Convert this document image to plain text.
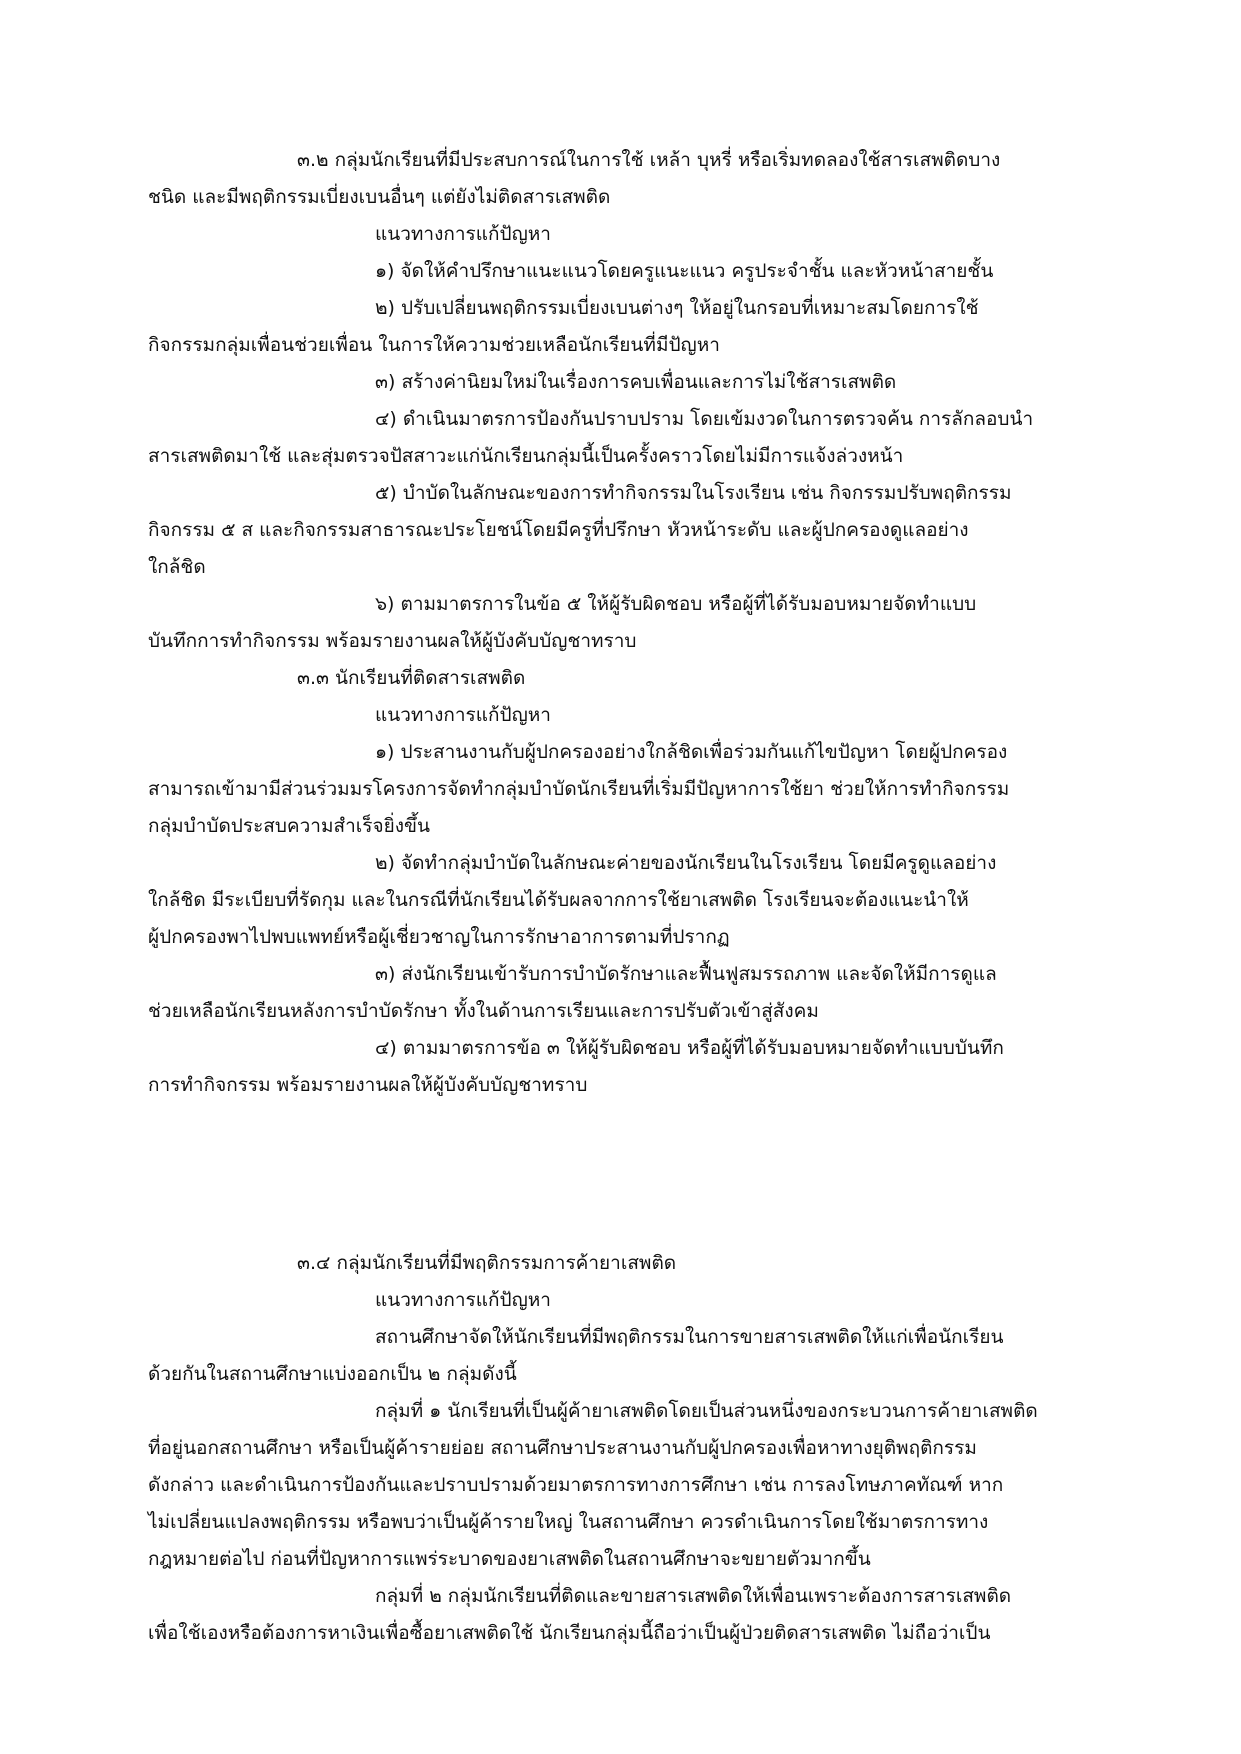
๓.๒ กลุ่มนักเรียนที่มีประสบการณ์ในการใช้ เหล้า บุหรี่ หรือเริ่มทดลองใช้สารเสพติดบาง
ชนิด และมีพฤติกรรมเบี่ยงเบนอื่นๆ แต่ยังไม่ติดสารเสพติด
แนวทางการแก้ปัญหา
๑) จัดให้คำปรึกษาแนะแนวโดยครูแนะแนว ครูประจำชั้น และหัวหน้าสายชั้น
๒) ปรับเปลี่ยนพฤติกรรมเบี่ยงเบนต่างๆ ให้อยู่ในกรอบที่เหมาะสมโดยการใช้
กิจกรรมกลุ่มเพื่อนช่วยเพื่อน ในการให้ความช่วยเหลือนักเรียนที่มีปัญหา
๓) สร้างค่านิยมใหม่ในเรื่องการคบเพื่อนและการไม่ใช้สารเสพติด
๔) ดำเนินมาตรการป้องกันปราบปราม โดยเข้มงวดในการตรวจค้น การลักลอบนำ
สารเสพติดมาใช้ และสุ่มตรวจปัสสาวะแก่นักเรียนกลุ่มนี้เป็นครั้งคราวโดยไม่มีการแจ้งล่วงหน้า
๕) บำบัดในลักษณะของการทำกิจกรรมในโรงเรียน เช่น กิจกรรมปรับพฤติกรรม
กิจกรรม ๕ ส และกิจกรรมสาธารณะประโยชน์โดยมีครูที่ปรึกษา หัวหน้าระดับ และผู้ปกครองดูแลอย่าง
ใกล้ชิด
๖) ตามมาตรการในข้อ ๕ ให้ผู้รับผิดชอบ หรือผู้ที่ได้รับมอบหมายจัดทำแบบ
บันทึกการทำกิจกรรม พร้อมรายงานผลให้ผู้บังคับบัญชาทราบ
๓.๓ นักเรียนที่ติดสารเสพติด
แนวทางการแก้ปัญหา
๑) ประสานงานกับผู้ปกครองอย่างใกล้ชิดเพื่อร่วมกันแก้ไขปัญหา โดยผู้ปกครอง
สามารถเข้ามามีส่วนร่วมมรโครงการจัดทำกลุ่มบำบัดนักเรียนที่เริ่มมีปัญหาการใช้ยา ช่วยให้การทำกิจกรรม
กลุ่มบำบัดประสบความสำเร็จยิ่งขึ้น
๒) จัดทำกลุ่มบำบัดในลักษณะค่ายของนักเรียนในโรงเรียน โดยมีครูดูแลอย่าง
ใกล้ชิด มีระเบียบที่รัดกุม และในกรณีที่นักเรียนได้รับผลจากการใช้ยาเสพติด โรงเรียนจะต้องแนะนำให้
ผู้ปกครองพาไปพบแพทย์หรือผู้เชี่ยวชาญในการรักษาอาการตามที่ปรากฏ
๓) ส่งนักเรียนเข้ารับการบำบัดรักษาและฟื้นฟูสมรรถภาพ และจัดให้มีการดูแล
ช่วยเหลือนักเรียนหลังการบำบัดรักษา ทั้งในด้านการเรียนและการปรับตัวเข้าสู่สังคม
๔) ตามมาตรการข้อ ๓ ให้ผู้รับผิดชอบ หรือผู้ที่ได้รับมอบหมายจัดทำแบบบันทึก
การทำกิจกรรม พร้อมรายงานผลให้ผู้บังคับบัญชาทราบ
๓.๔ กลุ่มนักเรียนที่มีพฤติกรรมการค้ายาเสพติด
แนวทางการแก้ปัญหา
สถานศึกษาจัดให้นักเรียนที่มีพฤติกรรมในการขายสารเสพติดให้แก่เพื่อนักเรียน
ด้วยกันในสถานศึกษาแบ่งออกเป็น ๒ กลุ่มดังนี้
กลุ่มที่ ๑ นักเรียนที่เป็นผู้ค้ายาเสพติดโดยเป็นส่วนหนึ่งของกระบวนการค้ายาเสพติด
ที่อยู่นอกสถานศึกษา หรือเป็นผู้ค้ารายย่อย สถานศึกษาประสานงานกับผู้ปกครองเพื่อหาทางยุติพฤติกรรม
ดังกล่าว และดำเนินการป้องกันและปราบปรามด้วยมาตรการทางการศึกษา เช่น การลงโทษภาคทัณฑ์ หาก
ไม่เปลี่ยนแปลงพฤติกรรม หรือพบว่าเป็นผู้ค้ารายใหญ่ ในสถานศึกษา ควรดำเนินการโดยใช้มาตรการทาง
กฎหมายต่อไป ก่อนที่ปัญหาการแพร่ระบาดของยาเสพติดในสถานศึกษาจะขยายตัวมากขึ้น
กลุ่มที่ ๒ กลุ่มนักเรียนที่ติดและขายสารเสพติดให้เพื่อนเพราะต้องการสารเสพติด
เพื่อใช้เองหรือต้องการหาเงินเพื่อซื้อยาเสพติดใช้ นักเรียนกลุ่มนี้ถือว่าเป็นผู้ป่วยติดสารเสพติด ไม่ถือว่าเป็น
